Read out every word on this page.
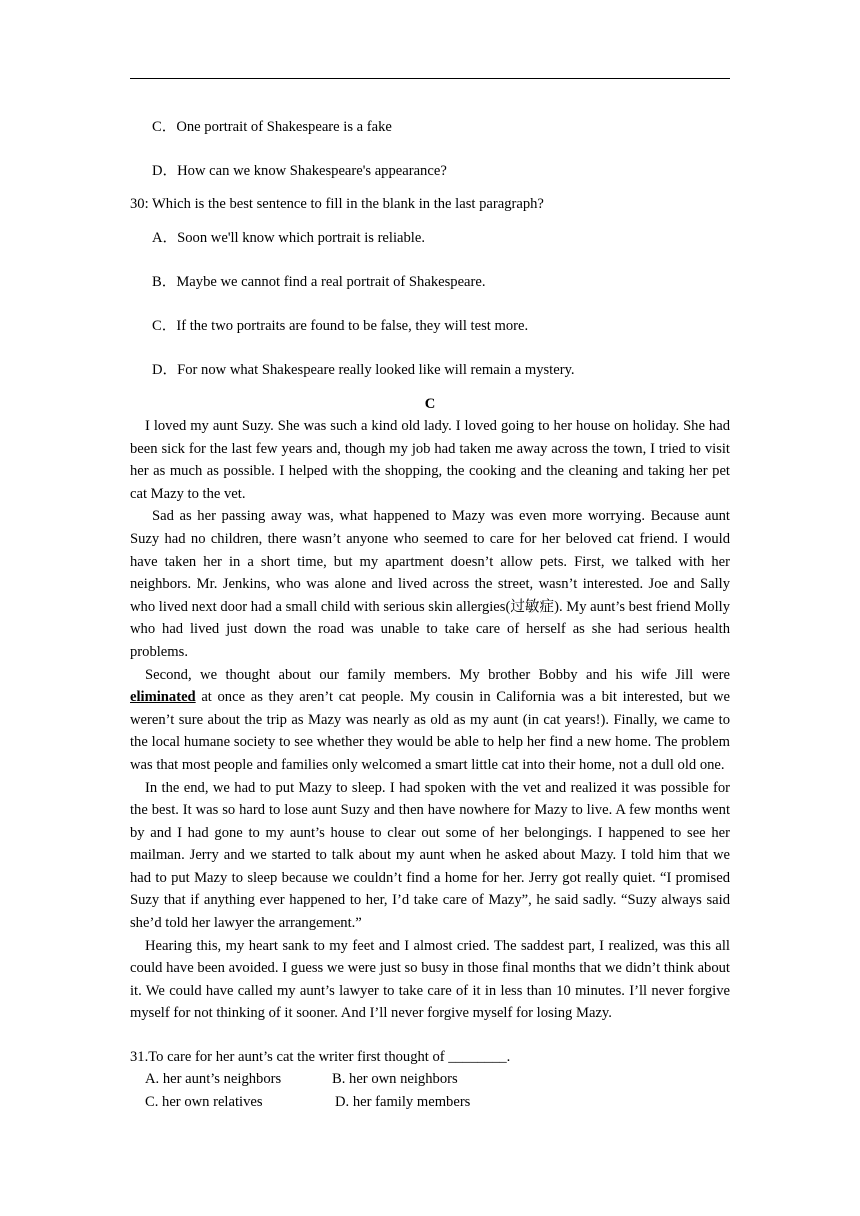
C．One portrait of Shakespeare is a fake
D．How can we know Shakespeare's appearance?
30: Which is the best sentence to fill in the blank in the last paragraph?
A．Soon we'll know which portrait is reliable.
B．Maybe we cannot find a real portrait of Shakespeare.
C．If the two portraits are found to be false, they will test more.
D．For now what Shakespeare really looked like will remain a mystery.
C

I loved my aunt Suzy. She was such a kind old lady. I loved going to her house on holiday. She had been sick for the last few years and, though my job had taken me away across the town, I tried to visit her as much as possible. I helped with the shopping, the cooking and the cleaning and taking her pet cat Mazy to the vet.

Sad as her passing away was, what happened to Mazy was even more worrying. Because aunt Suzy had no children, there wasn’t anyone who seemed to care for her beloved cat friend. I would have taken her in a short time, but my apartment doesn’t allow pets. First, we talked with her neighbors. Mr. Jenkins, who was alone and lived across the street, wasn’t interested. Joe and Sally who lived next door had a small child with serious skin allergies(过敏症). My aunt’s best friend Molly who had lived just down the road was unable to take care of herself as she had serious health problems.

Second, we thought about our family members. My brother Bobby and his wife Jill were eliminated at once as they aren’t cat people. My cousin in California was a bit interested, but we weren’t sure about the trip as Mazy was nearly as old as my aunt (in cat years!). Finally, we came to the local humane society to see whether they would be able to help her find a new home. The problem was that most people and families only welcomed a smart little cat into their home, not a dull old one.

In the end, we had to put Mazy to sleep. I had spoken with the vet and realized it was possible for the best. It was so hard to lose aunt Suzy and then have nowhere for Mazy to live. A few months went by and I had gone to my aunt’s house to clear out some of her belongings. I happened to see her mailman. Jerry and we started to talk about my aunt when he asked about Mazy. I told him that we had to put Mazy to sleep because we couldn’t find a home for her. Jerry got really quiet. “I promised Suzy that if anything ever happened to her, I’d take care of Mazy”, he said sadly. “Suzy always said she’d told her lawyer the arrangement.”

Hearing this, my heart sank to my feet and I almost cried. The saddest part, I realized, was this all could have been avoided. I guess we were just so busy in those final months that we didn’t think about it. We could have called my aunt’s lawyer to take care of it in less than 10 minutes. I’ll never forgive myself for not thinking of it sooner. And I’ll never forgive myself for losing Mazy.

31.To care for her aunt’s cat the writer first thought of ________.
A. her aunt’s neighbors	B. her own neighbors
C. her own relatives	D. her family members
